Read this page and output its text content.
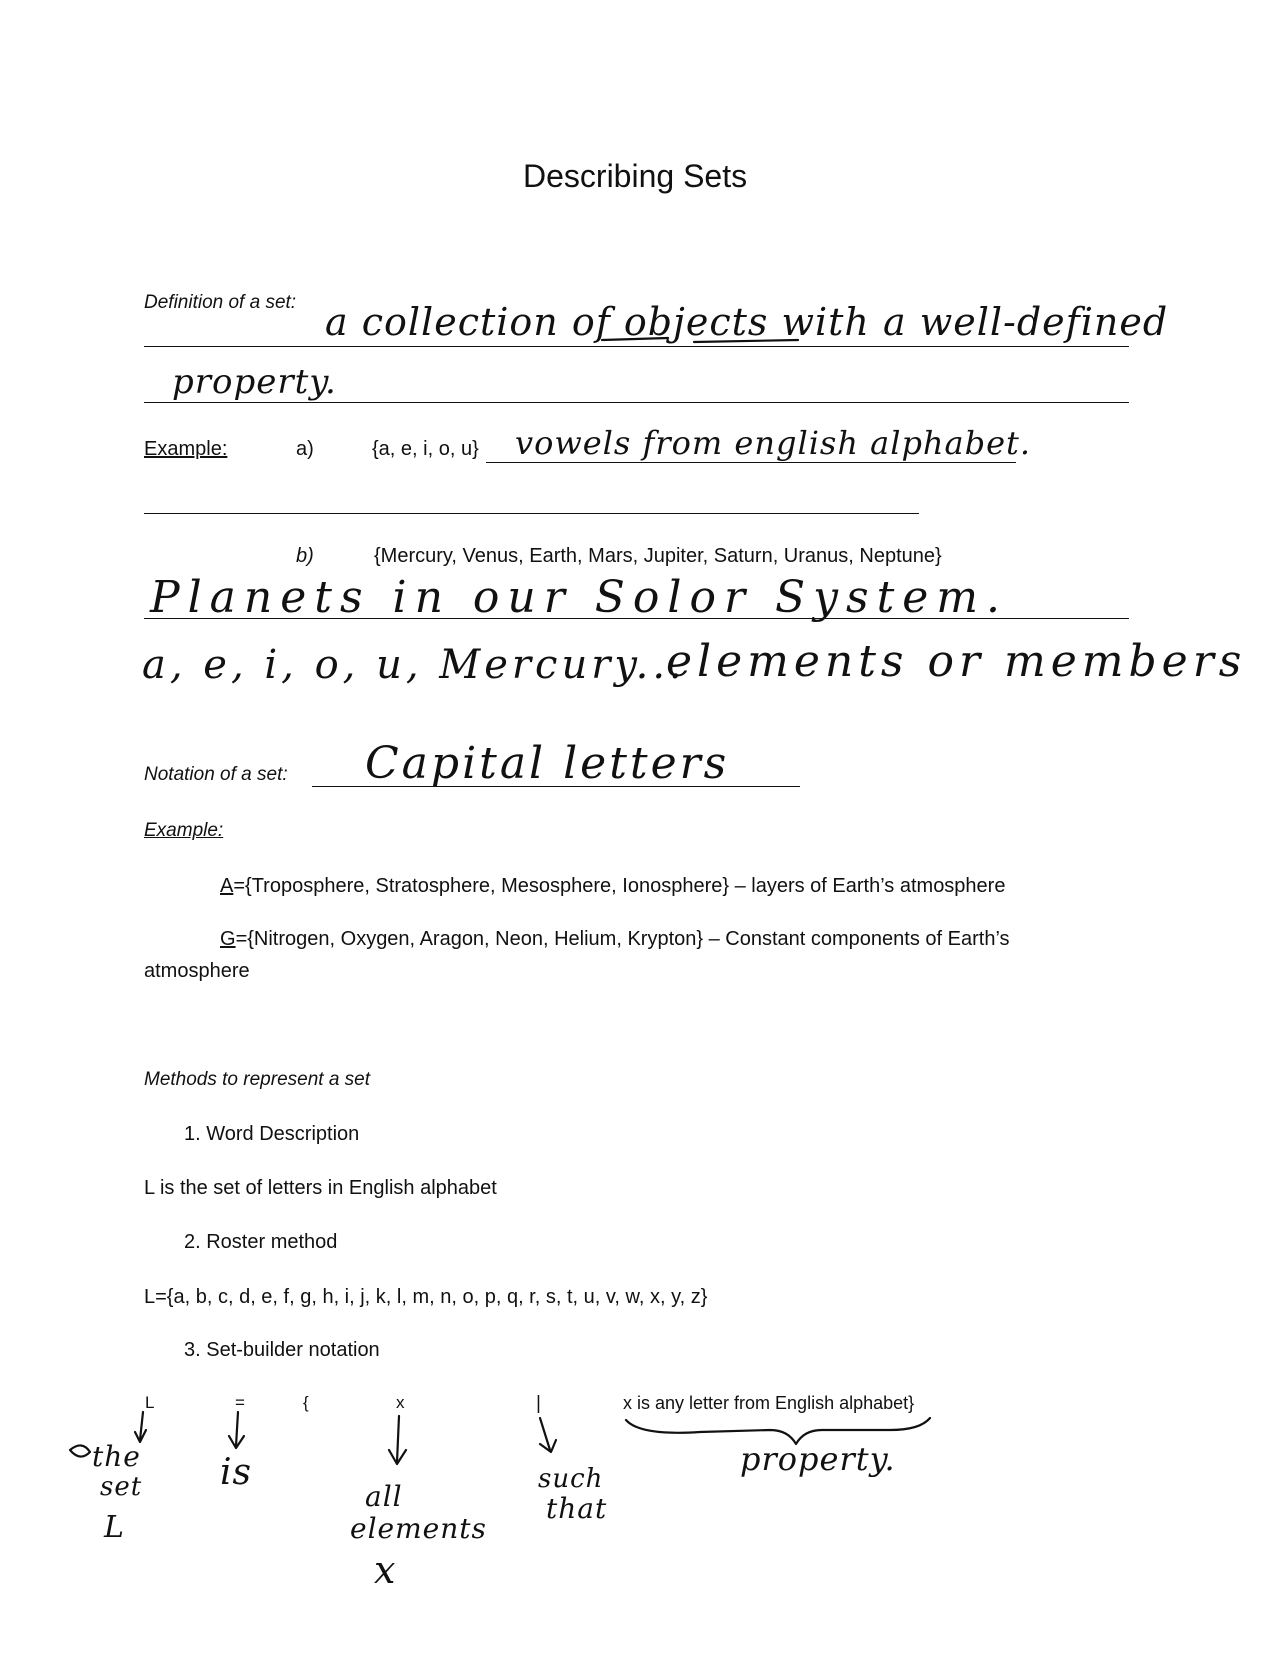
Describing Sets
Definition of a set: a collection of objects with a well-defined
property.
Example:	a)	{a, e, i, o, u} vowels from english alphabet.
b)	{Mercury, Venus, Earth, Mars, Jupiter, Saturn, Uranus, Neptune}
Planets in our Solor System.
a, e, i, o, u, Mercury...
elements or members
Notation of a set: Capital letters
Example:
A={Troposphere, Stratosphere, Mesosphere, Ionosphere} – layers of Earth’s atmosphere
G={Nitrogen, Oxygen, Aragon, Neon, Helium, Krypton} – Constant components of Earth’s
atmosphere
Methods to represent a set
1. Word Description
L is the set of letters in English alphabet
2. Roster method
L={a, b, c, d, e, f, g, h, i, j, k, l, m, n, o, p, q, r, s, t, u, v, w, x, y, z}
3. Set-builder notation
L	=	{	x	|	x is any letter from English alphabet}
the
set
L
is
all
elements
x
such
that
property.
